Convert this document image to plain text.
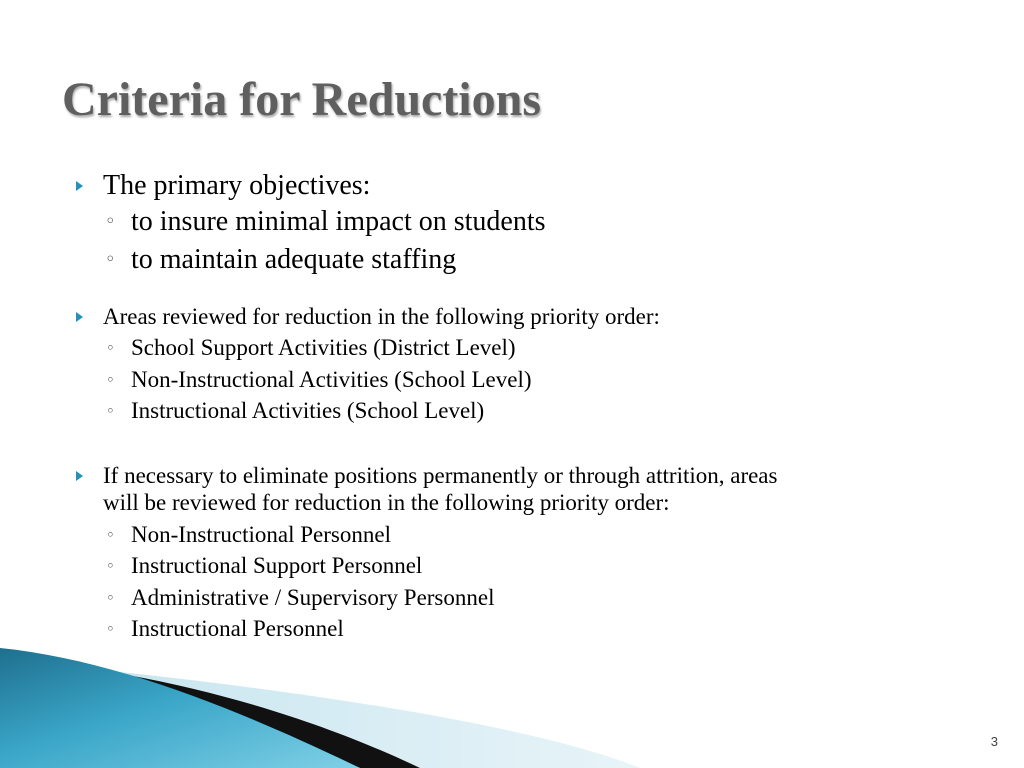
Criteria for Reductions
The primary objectives:
◦ to insure minimal impact on students
◦ to maintain adequate staffing
Areas reviewed for reduction in the following priority order:
◦ School Support Activities (District Level)
◦ Non-Instructional Activities (School Level)
◦ Instructional Activities (School Level)
If necessary to eliminate positions permanently or through attrition, areas
will be reviewed for reduction in the following priority order:
◦ Non-Instructional Personnel
◦ Instructional Support Personnel
◦ Administrative / Supervisory Personnel
◦ Instructional Personnel
3
